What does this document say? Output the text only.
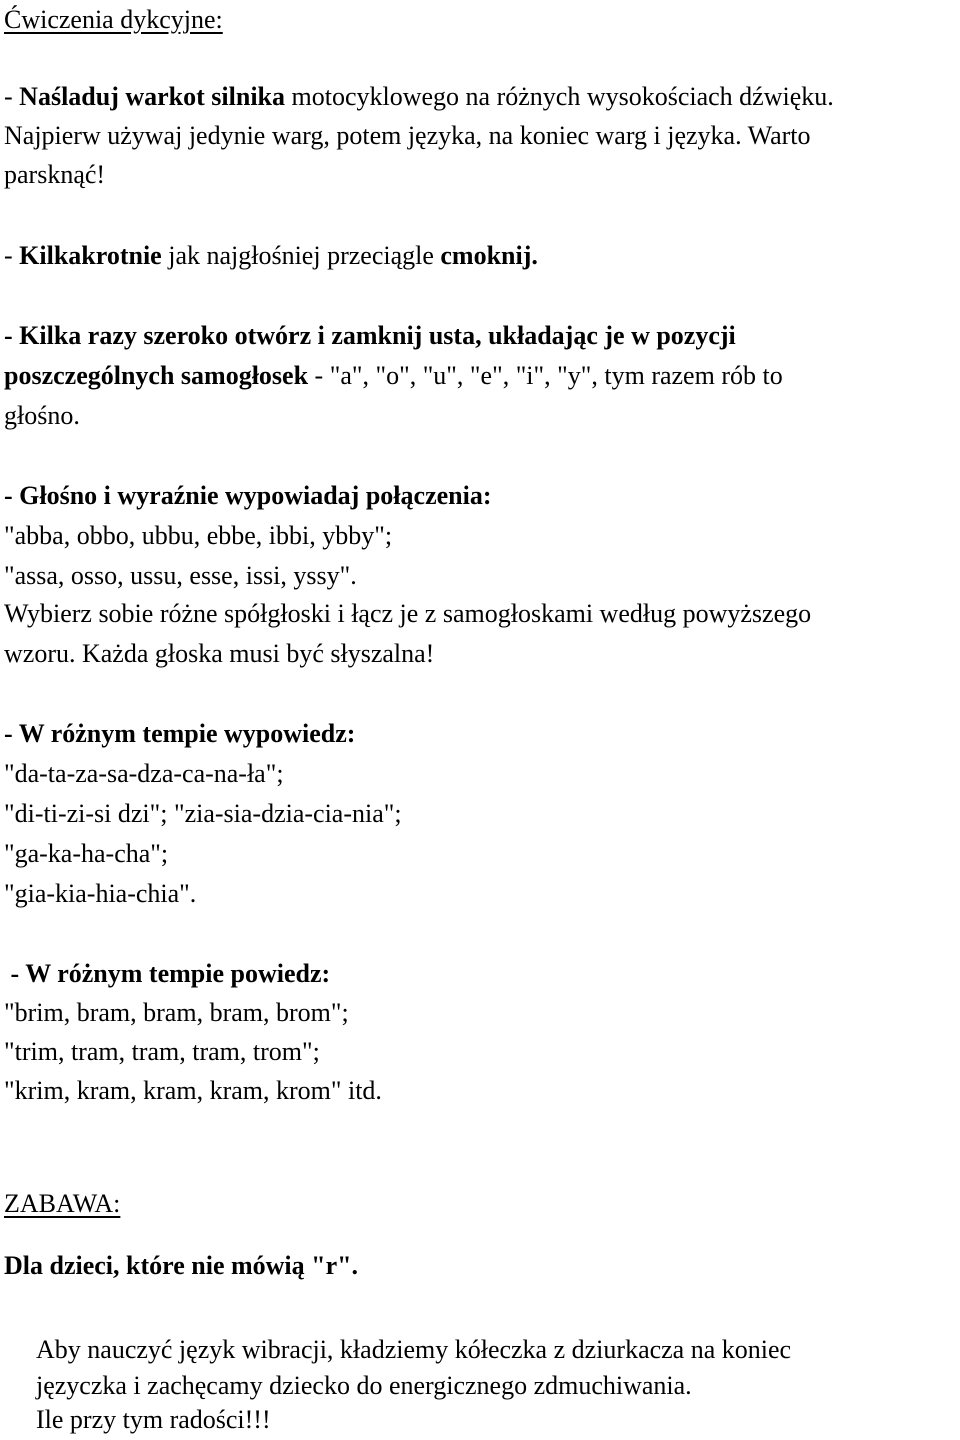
Ćwiczenia dykcyjne:
- Naśladuj warkot silnika motocyklowego na różnych wysokościach dźwięku.
Najpierw używaj jedynie warg, potem języka, na koniec warg i języka. Warto
parsknąć!
- Kilkakrotnie jak najgłośniej przeciągle cmoknij.
- Kilka razy szeroko otwórz i zamknij usta, układając je w pozycji
poszczególnych samogłosek - "a", "o", "u", "e", "i", "y", tym razem rób to
głośno.
- Głośno i wyraźnie wypowiadaj połączenia:
"abba, obbo, ubbu, ebbe, ibbi, ybby";
"assa, osso, ussu, esse, issi, yssy".
Wybierz sobie różne spółgłoski i łącz je z samogłoskami według powyższego
wzoru. Każda głoska musi być słyszalna!
- W różnym tempie wypowiedz:
"da-ta-za-sa-dza-ca-na-ła";
"di-ti-zi-si dzi"; "zia-sia-dzia-cia-nia";
"ga-ka-ha-cha";
"gia-kia-hia-chia".
- W różnym tempie powiedz:
"brim, bram, bram, bram, brom";
"trim, tram, tram, tram, trom";
"krim, kram, kram, kram, krom" itd.
ZABAWA:
Dla dzieci, które nie mówią "r".
Aby nauczyć język wibracji, kładziemy kółeczka z dziurkacza na koniec
języczka i zachęcamy dziecko do energicznego zdmuchiwania.
Ile przy tym radości!!!
